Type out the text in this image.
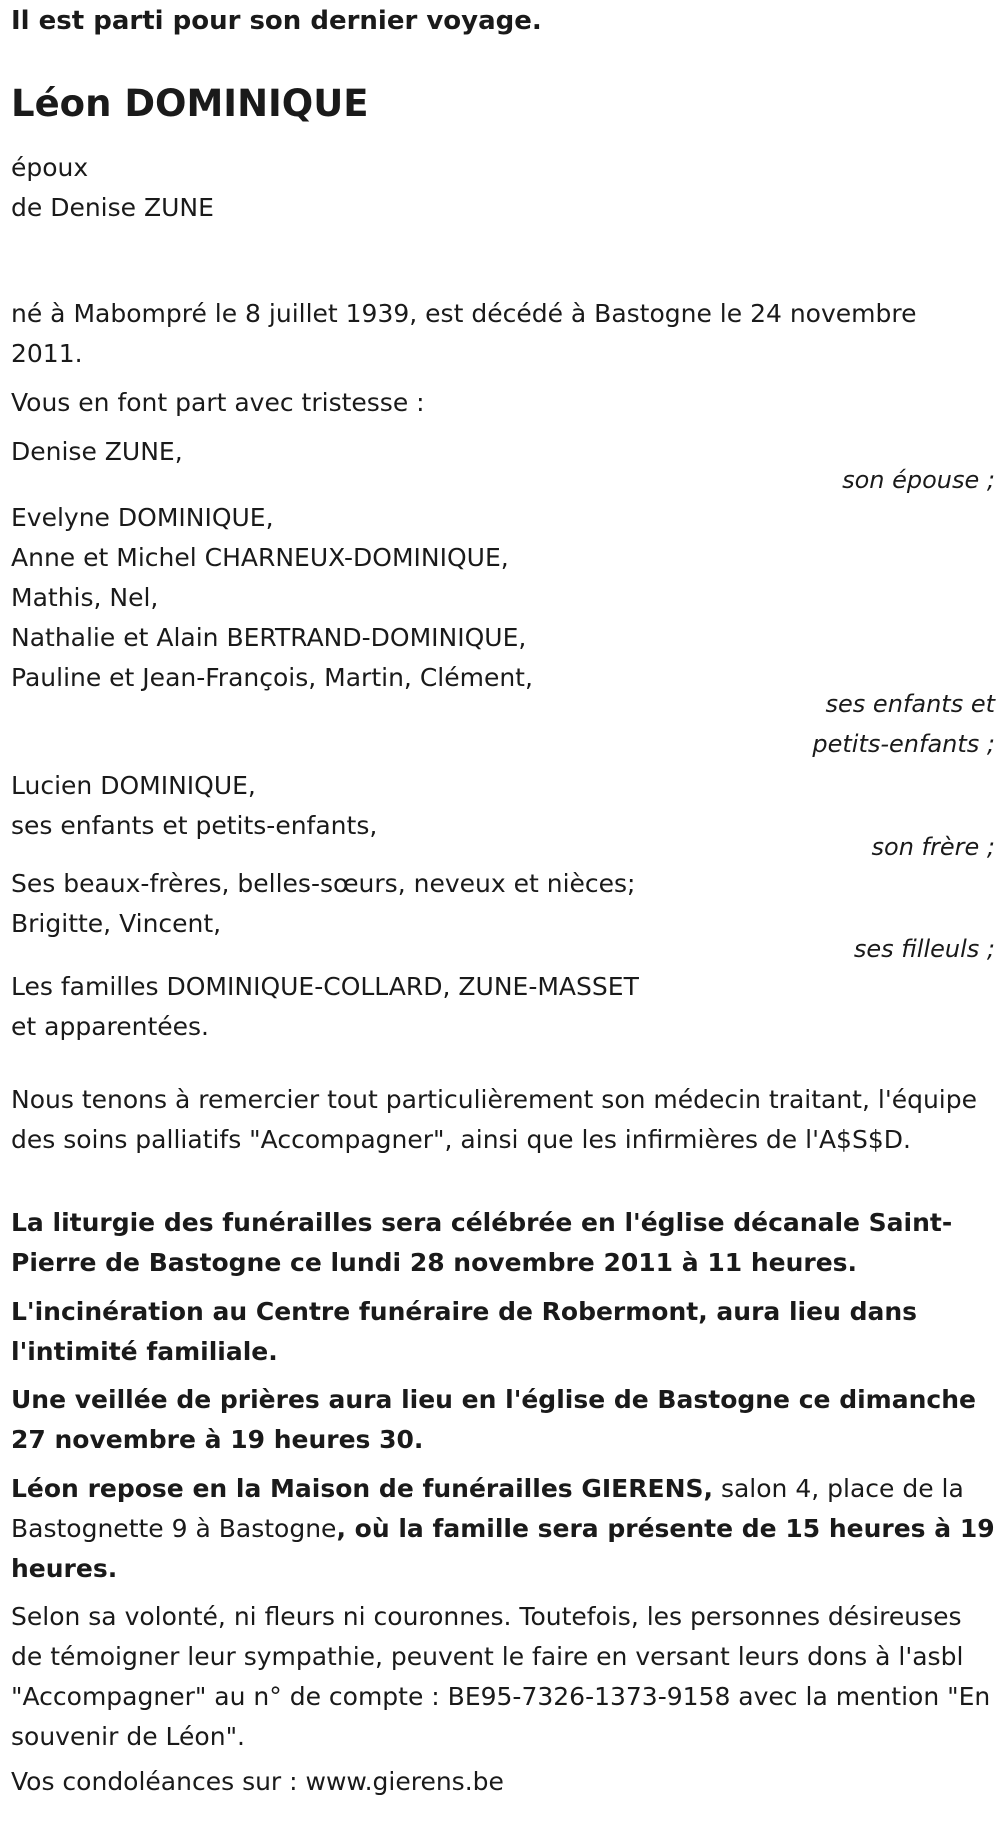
Il est parti pour son dernier voyage.
Léon DOMINIQUE
époux
de Denise ZUNE
né à Mabompré le 8 juillet 1939, est décédé à Bastogne le 24 novembre 2011.
Vous en font part avec tristesse :
Denise ZUNE,
son épouse ;
Evelyne DOMINIQUE,
Anne et Michel CHARNEUX-DOMINIQUE,
Mathis, Nel,
Nathalie et Alain BERTRAND-DOMINIQUE,
Pauline et Jean-François, Martin, Clément,
ses enfants et
petits-enfants ;
Lucien DOMINIQUE,
ses enfants et petits-enfants,
son frère ;
Ses beaux-frères, belles-sœurs, neveux et nièces;
Brigitte, Vincent,
ses filleuls ;
Les familles DOMINIQUE-COLLARD, ZUNE-MASSET
et apparentées.
Nous tenons à remercier tout particulièrement son médecin traitant, l'équipe des soins palliatifs "Accompagner", ainsi que les infirmières de l'A$S$D.
La liturgie des funérailles sera célébrée en l'église décanale Saint-Pierre de Bastogne ce lundi 28 novembre 2011 à 11 heures.
L'incinération au Centre funéraire de Robermont, aura lieu dans l'intimité familiale.
Une veillée de prières aura lieu en l'église de Bastogne ce dimanche 27 novembre à 19 heures 30.
Léon repose en la Maison de funérailles GIERENS, salon 4, place de la Bastognette 9 à Bastogne, où la famille sera présente de 15 heures à 19 heures.
Selon sa volonté, ni fleurs ni couronnes. Toutefois, les personnes désireuses de témoigner leur sympathie, peuvent le faire en versant leurs dons à l'asbl "Accompagner" au n° de compte : BE95-7326-1373-9158 avec la mention "En souvenir de Léon".
Vos condoléances sur : www.gierens.be
